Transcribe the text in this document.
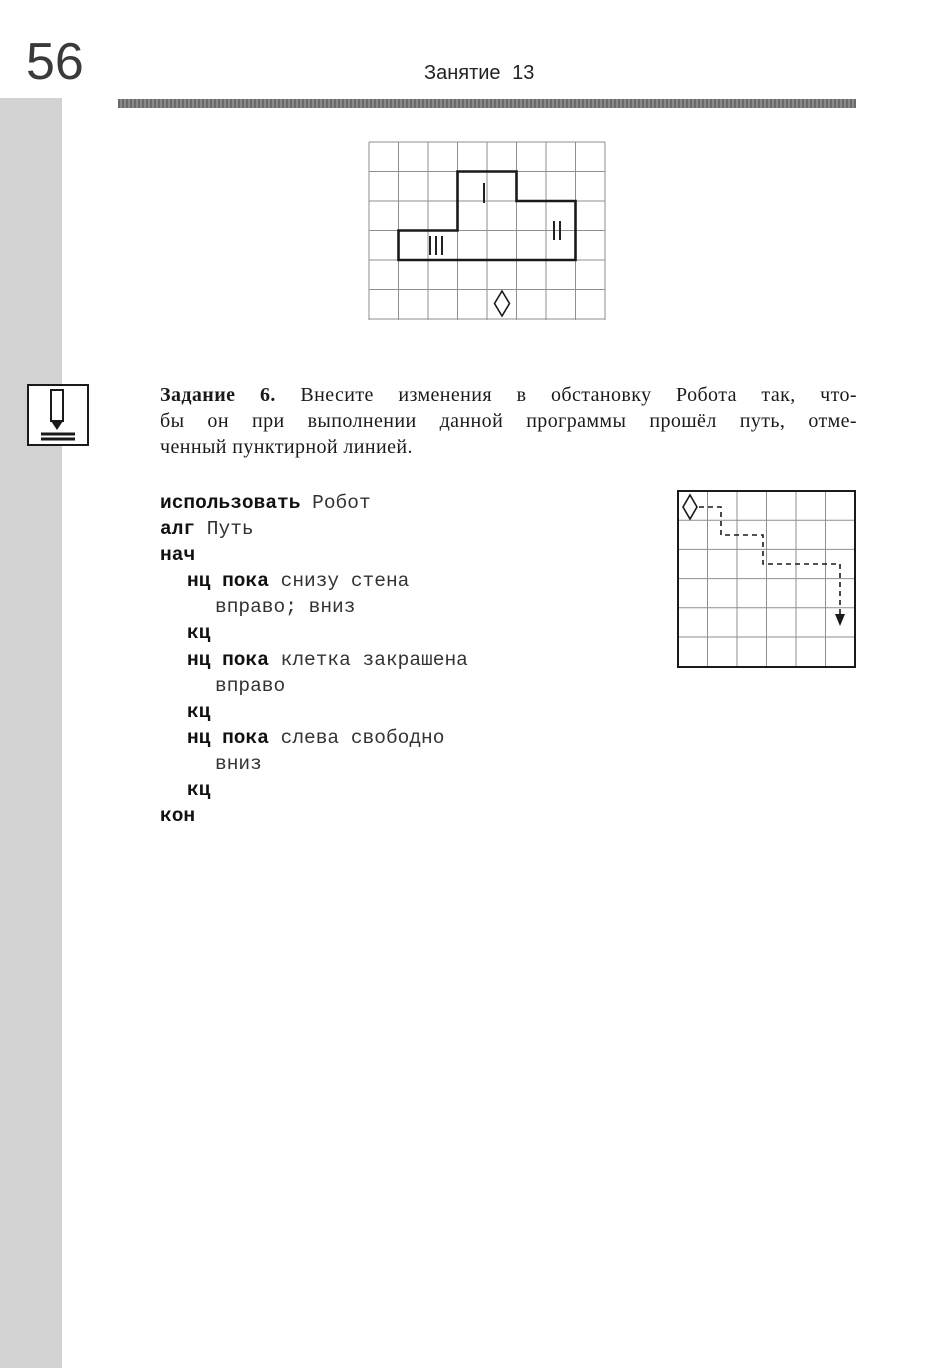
56	Занятие 13
Задание 6. Внесите изменения в обстановку Робота так, что-
бы он при выполнении данной программы прошёл путь, отме-
ченный пунктирной линией.
использовать Робот
алг Путь
нач
нц пока снизу стена
вправо; вниз
кц
нц пока клетка закрашена
вправо
кц
нц пока слева свободно
вниз
кц
кон
